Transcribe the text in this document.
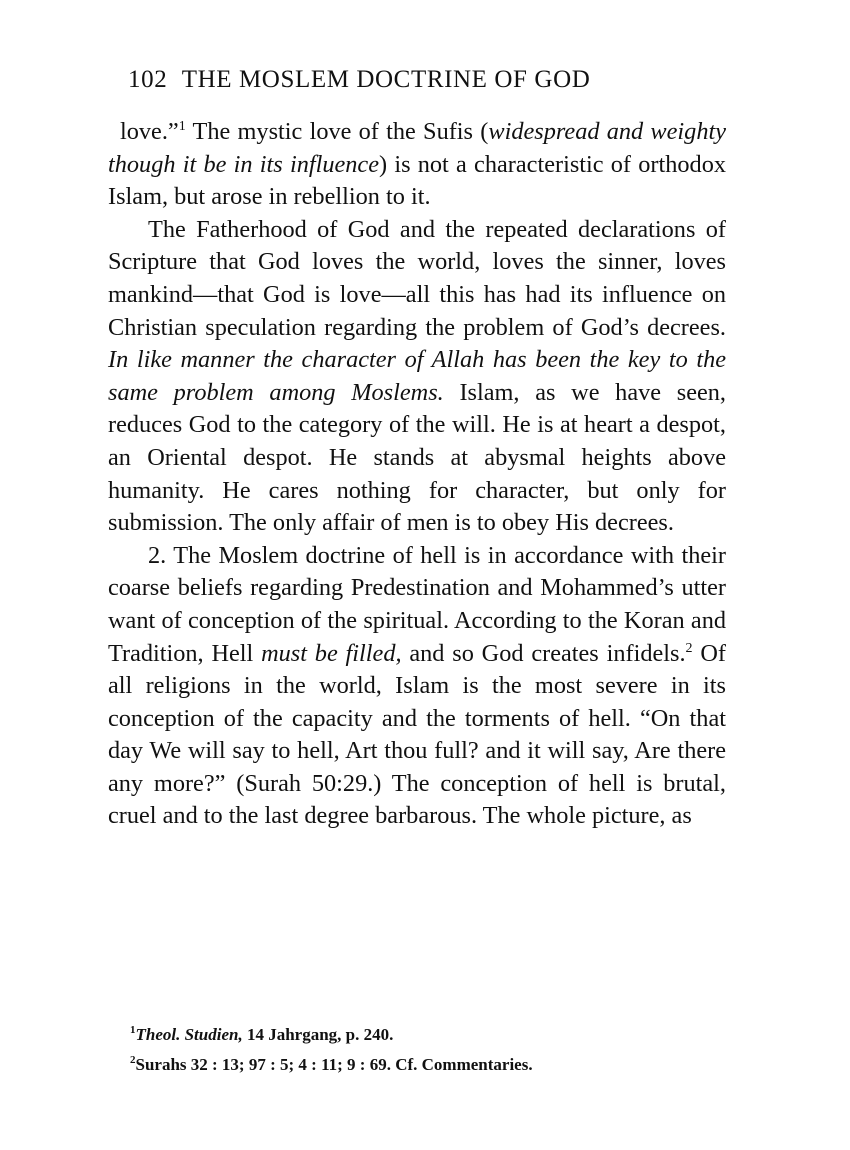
102 THE MOSLEM DOCTRINE OF GOD

love.”$^1$ The mystic love of the Sufis (widespread and weighty though it be in its influence) is not a characteristic of orthodox Islam, but arose in rebellion to it.

The Fatherhood of God and the repeated declarations of Scripture that God loves the world, loves the sinner, loves mankind—that God is love—all this has had its influence on Christian speculation regarding the problem of God’s decrees. In like manner the character of Allah has been the key to the same problem among Moslems. Islam, as we have seen, reduces God to the category of the will. He is at heart a despot, an Oriental despot. He stands at abysmal heights above humanity. He cares nothing for character, but only for submission. The only affair of men is to obey His decrees.

2. The Moslem doctrine of hell is in accordance with their coarse beliefs regarding Predestination and Mohammed’s utter want of conception of the spiritual. According to the Koran and Tradition, Hell must be filled, and so God creates infidels.$^2$ Of all religions in the world, Islam is the most severe in its conception of the capacity and the torments of hell. “On that day We will say to hell, Art thou full? and it will say, Are there any more?” (Surah 50:29.) The conception of hell is brutal, cruel and to the last degree barbarous. The whole picture, as

$^1$Theol. Studien, 14 Jahrgang, p. 240.
$^2$Surahs 32 : 13; 97 : 5; 4 : 11; 9 : 69. Cf. Commentaries.
